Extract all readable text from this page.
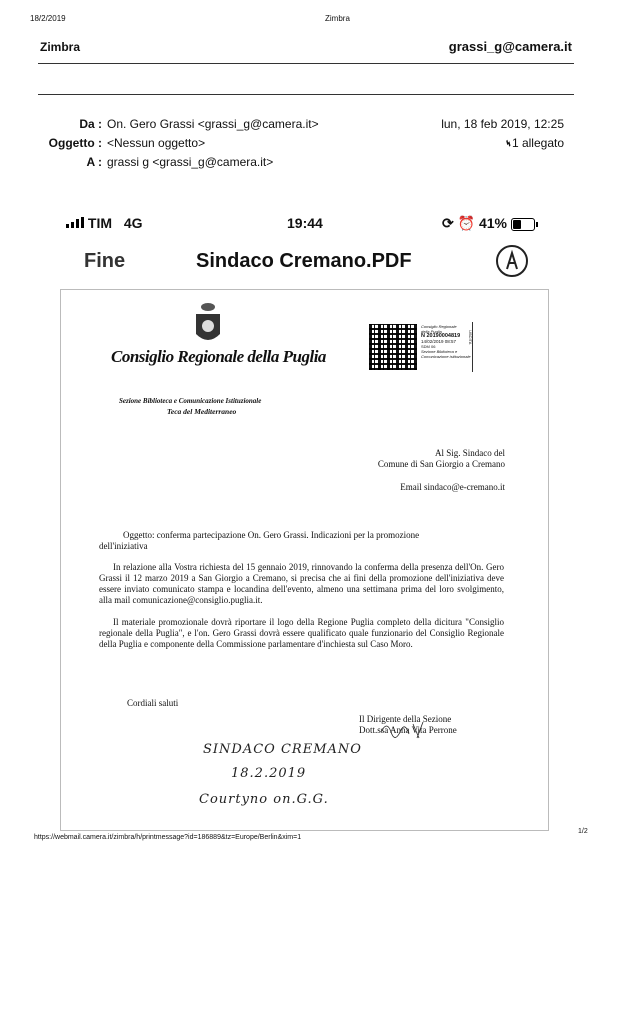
18/2/2019	Zimbra
Zimbra	grassi_g@camera.it
Da : On. Gero Grassi <grassi_g@camera.it>
Oggetto : <Nessun oggetto>
A : grassi g <grassi_g@camera.it>
lun, 18 feb 2019, 12:25
⌁1 allegato
TIM 4G	19:44	⟳ ⏰ 41%
Fine	Sindaco Cremano.PDF
Consiglio Regionale della Puglia
Sezione Biblioteca e Comunicazione Istituzionale
Teca del Mediterraneo
Consiglio Regionale
della Puglia
N 20190004819
14/02/2019 08:57
SDM 06
Sezione Biblioteca e
Comunicazione istituzionale
USCITA
Al Sig. Sindaco del
Comune di San Giorgio a Cremano
Email sindaco@e-cremano.it
Oggetto: conferma partecipazione On. Gero Grassi. Indicazioni per la promozione
dell'iniziativa
In relazione alla Vostra richiesta del 15 gennaio 2019, rinnovando la conferma della presenza dell'On. Gero Grassi il 12 marzo 2019 a San Giorgio a Cremano, si precisa che ai fini della promozione dell'iniziativa deve essere inviato comunicato stampa e locandina dell'evento, almeno una settimana prima del loro svolgimento, alla mail comunicazione@consiglio.puglia.it.
Il materiale promozionale dovrà riportare il logo della Regione Puglia completo della dicitura "Consiglio regionale della Puglia", e l'on. Gero Grassi dovrà essere qualificato quale funzionario del Consiglio Regionale della Puglia e componente della Commissione parlamentare d'inchiesta sul Caso Moro.
Cordiali saluti
Il Dirigente della Sezione
Dott.ssa Anna Vita Perrone
SINDACO CREMANO
18.2.2019
Courtyno on.G.G.
https://webmail.camera.it/zimbra/h/printmessage?id=186889&tz=Europe/Berlin&xim=1
1/2
